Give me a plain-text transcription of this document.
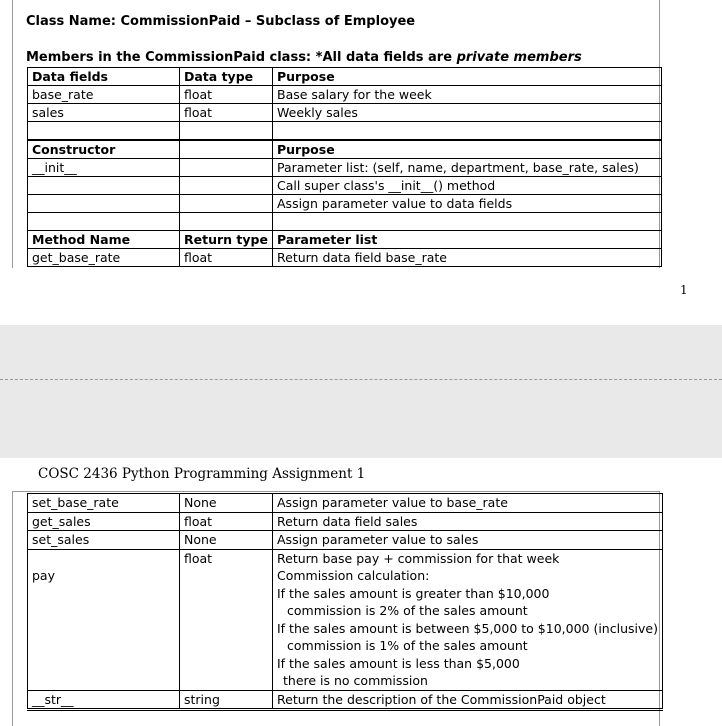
Class Name: CommissionPaid – Subclass of Employee
Members in the CommissionPaid class: *All data fields are private members
Data fields	Data type	Purpose
base_rate	float	Base salary for the week
sales	float	Weekly sales

Constructor		Purpose
__init__		Parameter list: (self, name, department, base_rate, sales)
		Call super class's __init__() method
		Assign parameter value to data fields

Method Name	Return type	Parameter list
get_base_rate	float	Return data field base_rate
1
COSC 2436 Python Programming Assignment 1
set_base_rate	None	Assign parameter value to base_rate
get_sales	float	Return data field sales
set_sales	None	Assign parameter value to sales
	float	Return base pay + commission for that week
pay		Commission calculation:
		If the sales amount is greater than $10,000
		commission is 2% of the sales amount
		If the sales amount is between $5,000 to $10,000 (inclusive)
		commission is 1% of the sales amount
		If the sales amount is less than $5,000
		there is no commission
__str__	string	Return the description of the CommissionPaid object
